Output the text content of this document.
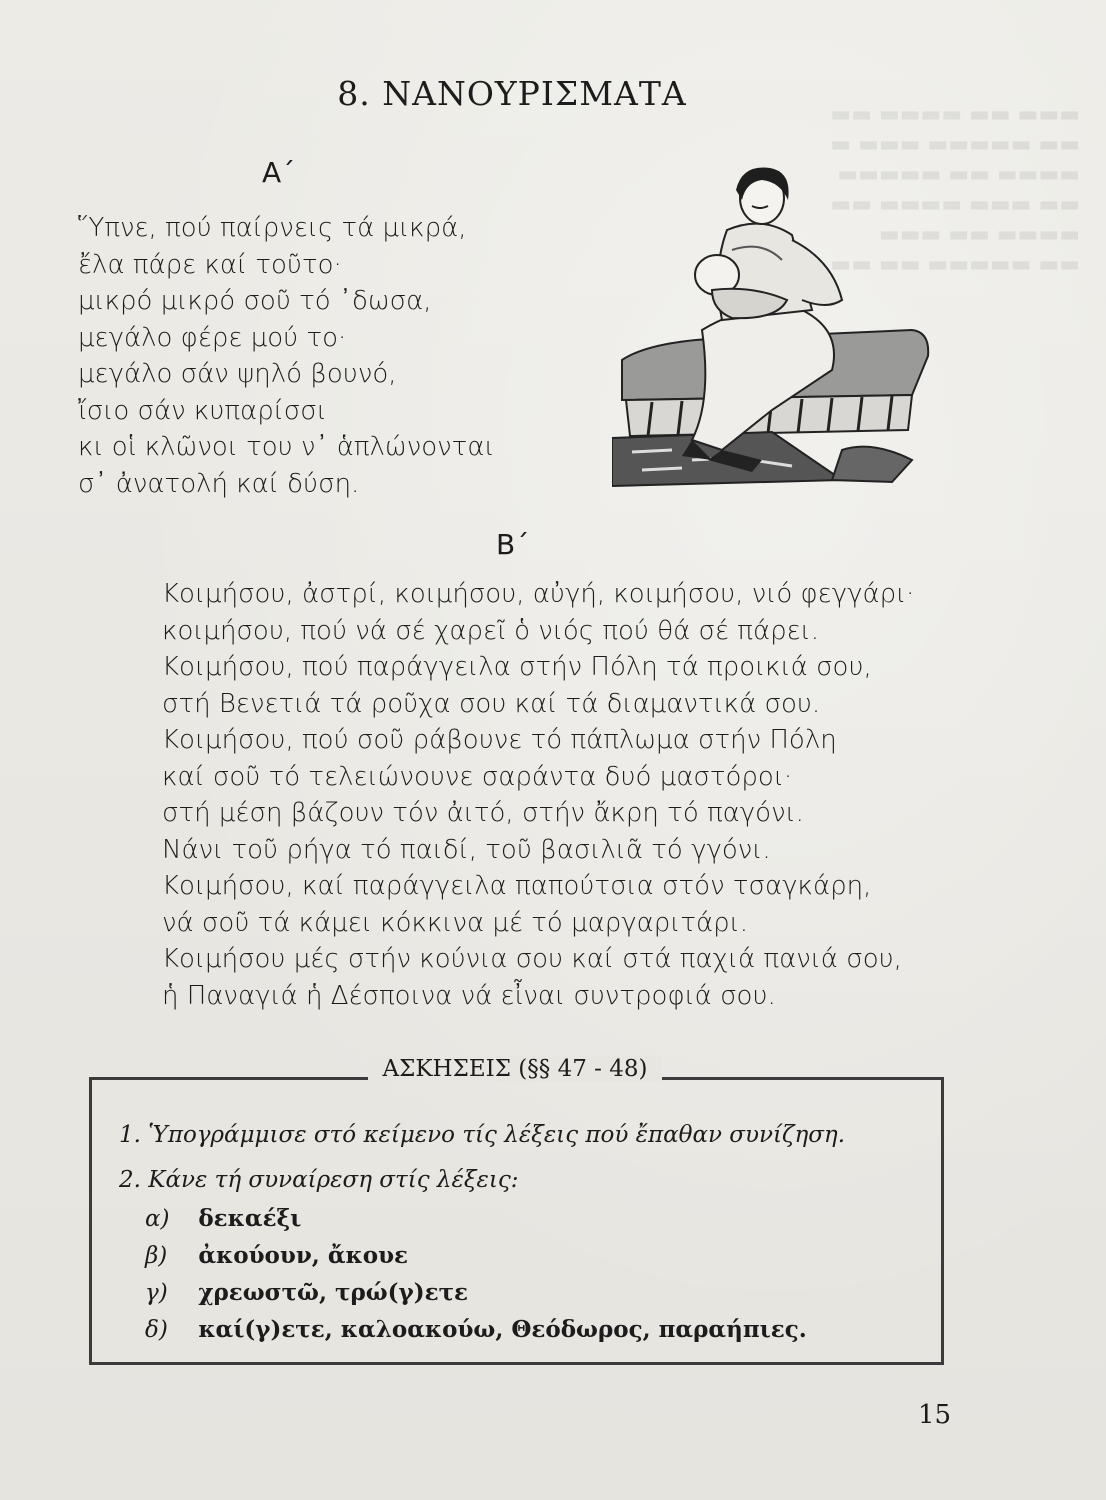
▬▬▬ ▬▬ ▬▬▬▬ ▬▬
▬▬ ▬▬▬▬▬ ▬▬▬ ▬
▬▬▬▬ ▬▬ ▬▬▬▬▬
▬▬ ▬▬▬ ▬▬▬▬ ▬▬
▬▬▬▬ ▬▬ ▬▬▬
▬▬ ▬▬▬▬▬ ▬▬ ▬▬
8. ΝΑΝΟΥΡΙΣΜΑΤΑ
Α΄
Ὕπνε, πού παίρνεις τά μικρά,
ἔλα πάρε καί τοῦτο·
μικρό μικρό σοῦ τό ᾽δωσα,
μεγάλο φέρε μού το·
μεγάλο σάν ψηλό βουνό,
ἴσιο σάν κυπαρίσσι
κι οἱ κλῶνοι του ν᾽ ἁπλώνονται
σ᾽ ἀνατολή καί δύση.
Β΄
Κοιμήσου, ἀστρί, κοιμήσου, αὐγή, κοιμήσου, νιό φεγγάρι·
κοιμήσου, πού νά σέ χαρεῖ ὁ νιός πού θά σέ πάρει.
Κοιμήσου, πού παράγγειλα στήν Πόλη τά προικιά σου,
στή Βενετιά τά ροῦχα σου καί τά διαμαντικά σου.
Κοιμήσου, πού σοῦ ράβουνε τό πάπλωμα στήν Πόλη
καί σοῦ τό τελειώνουνε σαράντα δυό μαστόροι·
στή μέση βάζουν τόν ἀιτό, στήν ἄκρη τό παγόνι.
Νάνι τοῦ ρήγα τό παιδί, τοῦ βασιλιᾶ τό γγόνι.
Κοιμήσου, καί παράγγειλα παπούτσια στόν τσαγκάρη,
νά σοῦ τά κάμει κόκκινα μέ τό μαργαριτάρι.
Κοιμήσου μές στήν κούνια σου καί στά παχιά πανιά σου,
ἡ Παναγιά ἡ Δέσποινα νά εἶναι συντροφιά σου.
ΑΣΚΗΣΕΙΣ (§§ 47 - 48)
1. Ὑπογράμμισε στό κείμενο τίς λέξεις πού ἔπαθαν συνίζηση.
2. Κάνε τή συναίρεση στίς λέξεις:
α) δεκαέξι
β) ἀκούουν, ἄκουε
γ) χρεωστῶ, τρώ(γ)ετε
δ) καί(γ)ετε, καλοακούω, Θεόδωρος, παραήπιες.
15
